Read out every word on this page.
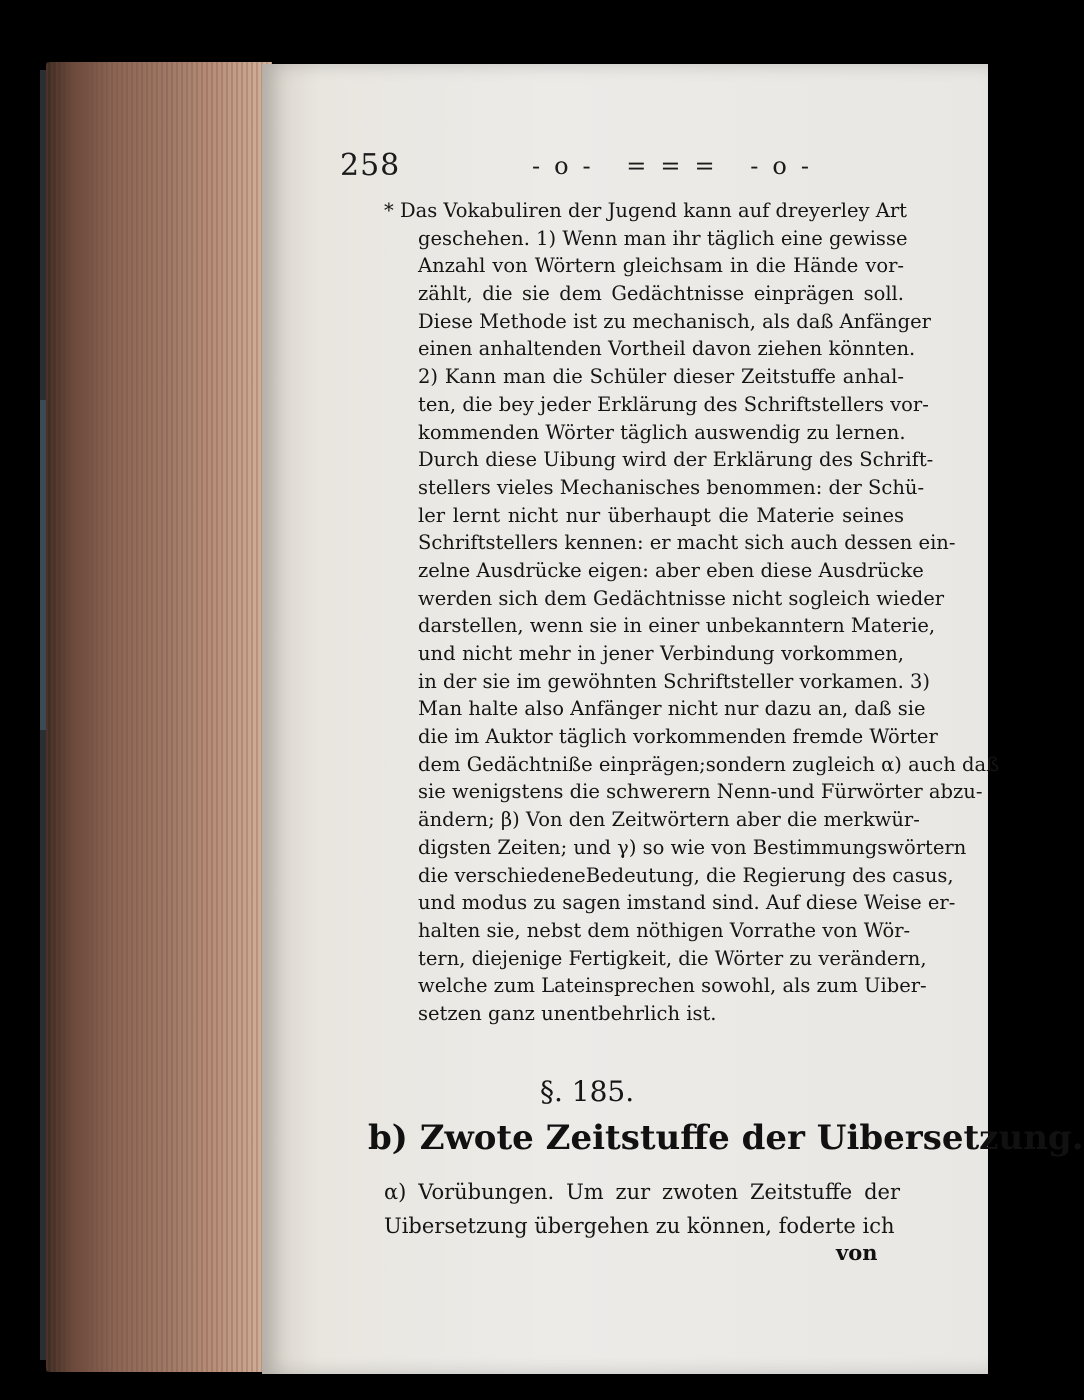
258	-o- === -o-
* Das Vokabuliren der Jugend kann auf dreyerley Art
geschehen. 1) Wenn man ihr täglich eine gewisse
Anzahl von Wörtern gleichsam in die Hände vor-
zählt, die sie dem Gedächtnisse einprägen soll.
Diese Methode ist zu mechanisch, als daß Anfänger
einen anhaltenden Vortheil davon ziehen könnten.
2) Kann man die Schüler dieser Zeitstuffe anhal-
ten, die bey jeder Erklärung des Schriftstellers vor-
kommenden Wörter täglich auswendig zu lernen.
Durch diese Uibung wird der Erklärung des Schrift-
stellers vieles Mechanisches benommen: der Schü-
ler lernt nicht nur überhaupt die Materie seines
Schriftstellers kennen: er macht sich auch dessen ein-
zelne Ausdrücke eigen: aber eben diese Ausdrücke
werden sich dem Gedächtnisse nicht sogleich wieder
darstellen, wenn sie in einer unbekanntern Materie,
und nicht mehr in jener Verbindung vorkommen,
in der sie im gewöhnten Schriftsteller vorkamen. 3)
Man halte also Anfänger nicht nur dazu an, daß sie
die im Auktor täglich vorkommenden fremde Wörter
dem Gedächtniße einprägen;sondern zugleich α) auch daß
sie wenigstens die schwerern Nenn-und Fürwörter abzu-
ändern; β) Von den Zeitwörtern aber die merkwür-
digsten Zeiten; und γ) so wie von Bestimmungswörtern
die verschiedeneBedeutung, die Regierung des casus,
und modus zu sagen imstand sind. Auf diese Weise er-
halten sie, nebst dem nöthigen Vorrathe von Wör-
tern, diejenige Fertigkeit, die Wörter zu verändern,
welche zum Lateinsprechen sowohl, als zum Uiber-
setzen ganz unentbehrlich ist.
§. 185.
b) Zwote Zeitstuffe der Uibersetzung.
α) Vorübungen. Um zur zwoten Zeitstuffe der
Uibersetzung übergehen zu können, foderte ich
von
